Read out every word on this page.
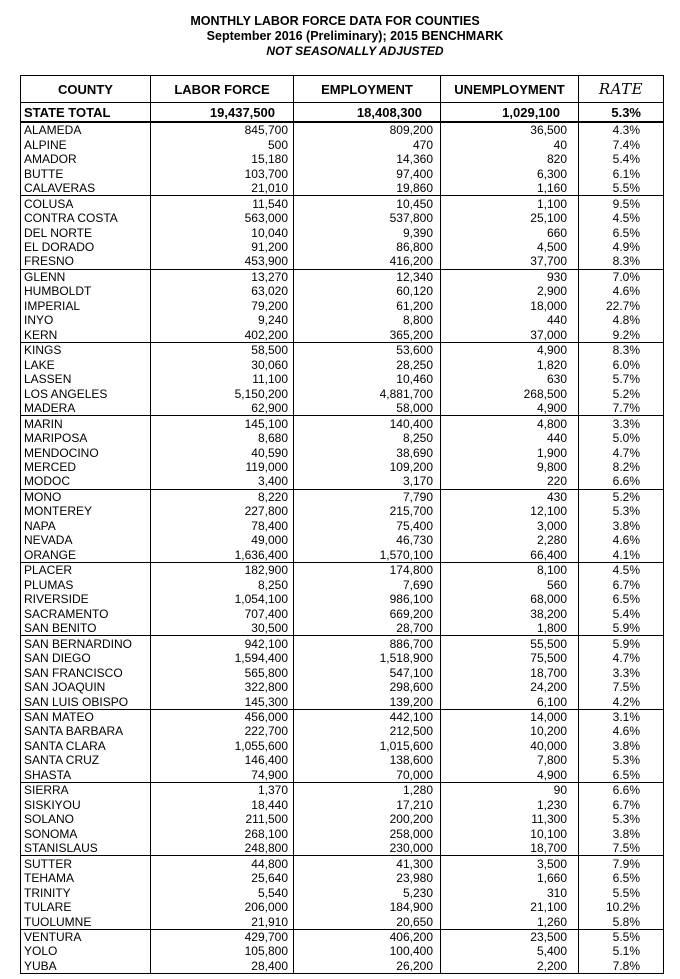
MONTHLY LABOR FORCE DATA FOR COUNTIES
September 2016 (Preliminary); 2015 BENCHMARK
NOT SEASONALLY ADJUSTED
COUNTY	LABOR FORCE	EMPLOYMENT	UNEMPLOYMENT	RATE
STATE TOTAL	19,437,500	18,408,300	1,029,100	5.3%
ALAMEDA	845,700	809,200	36,500	4.3%
ALPINE	500	470	40	7.4%
AMADOR	15,180	14,360	820	5.4%
BUTTE	103,700	97,400	6,300	6.1%
CALAVERAS	21,010	19,860	1,160	5.5%
COLUSA	11,540	10,450	1,100	9.5%
CONTRA COSTA	563,000	537,800	25,100	4.5%
DEL NORTE	10,040	9,390	660	6.5%
EL DORADO	91,200	86,800	4,500	4.9%
FRESNO	453,900	416,200	37,700	8.3%
GLENN	13,270	12,340	930	7.0%
HUMBOLDT	63,020	60,120	2,900	4.6%
IMPERIAL	79,200	61,200	18,000	22.7%
INYO	9,240	8,800	440	4.8%
KERN	402,200	365,200	37,000	9.2%
KINGS	58,500	53,600	4,900	8.3%
LAKE	30,060	28,250	1,820	6.0%
LASSEN	11,100	10,460	630	5.7%
LOS ANGELES	5,150,200	4,881,700	268,500	5.2%
MADERA	62,900	58,000	4,900	7.7%
MARIN	145,100	140,400	4,800	3.3%
MARIPOSA	8,680	8,250	440	5.0%
MENDOCINO	40,590	38,690	1,900	4.7%
MERCED	119,000	109,200	9,800	8.2%
MODOC	3,400	3,170	220	6.6%
MONO	8,220	7,790	430	5.2%
MONTEREY	227,800	215,700	12,100	5.3%
NAPA	78,400	75,400	3,000	3.8%
NEVADA	49,000	46,730	2,280	4.6%
ORANGE	1,636,400	1,570,100	66,400	4.1%
PLACER	182,900	174,800	8,100	4.5%
PLUMAS	8,250	7,690	560	6.7%
RIVERSIDE	1,054,100	986,100	68,000	6.5%
SACRAMENTO	707,400	669,200	38,200	5.4%
SAN BENITO	30,500	28,700	1,800	5.9%
SAN BERNARDINO	942,100	886,700	55,500	5.9%
SAN DIEGO	1,594,400	1,518,900	75,500	4.7%
SAN FRANCISCO	565,800	547,100	18,700	3.3%
SAN JOAQUIN	322,800	298,600	24,200	7.5%
SAN LUIS OBISPO	145,300	139,200	6,100	4.2%
SAN MATEO	456,000	442,100	14,000	3.1%
SANTA BARBARA	222,700	212,500	10,200	4.6%
SANTA CLARA	1,055,600	1,015,600	40,000	3.8%
SANTA CRUZ	146,400	138,600	7,800	5.3%
SHASTA	74,900	70,000	4,900	6.5%
SIERRA	1,370	1,280	90	6.6%
SISKIYOU	18,440	17,210	1,230	6.7%
SOLANO	211,500	200,200	11,300	5.3%
SONOMA	268,100	258,000	10,100	3.8%
STANISLAUS	248,800	230,000	18,700	7.5%
SUTTER	44,800	41,300	3,500	7.9%
TEHAMA	25,640	23,980	1,660	6.5%
TRINITY	5,540	5,230	310	5.5%
TULARE	206,000	184,900	21,100	10.2%
TUOLUMNE	21,910	20,650	1,260	5.8%
VENTURA	429,700	406,200	23,500	5.5%
YOLO	105,800	100,400	5,400	5.1%
YUBA	28,400	26,200	2,200	7.8%
